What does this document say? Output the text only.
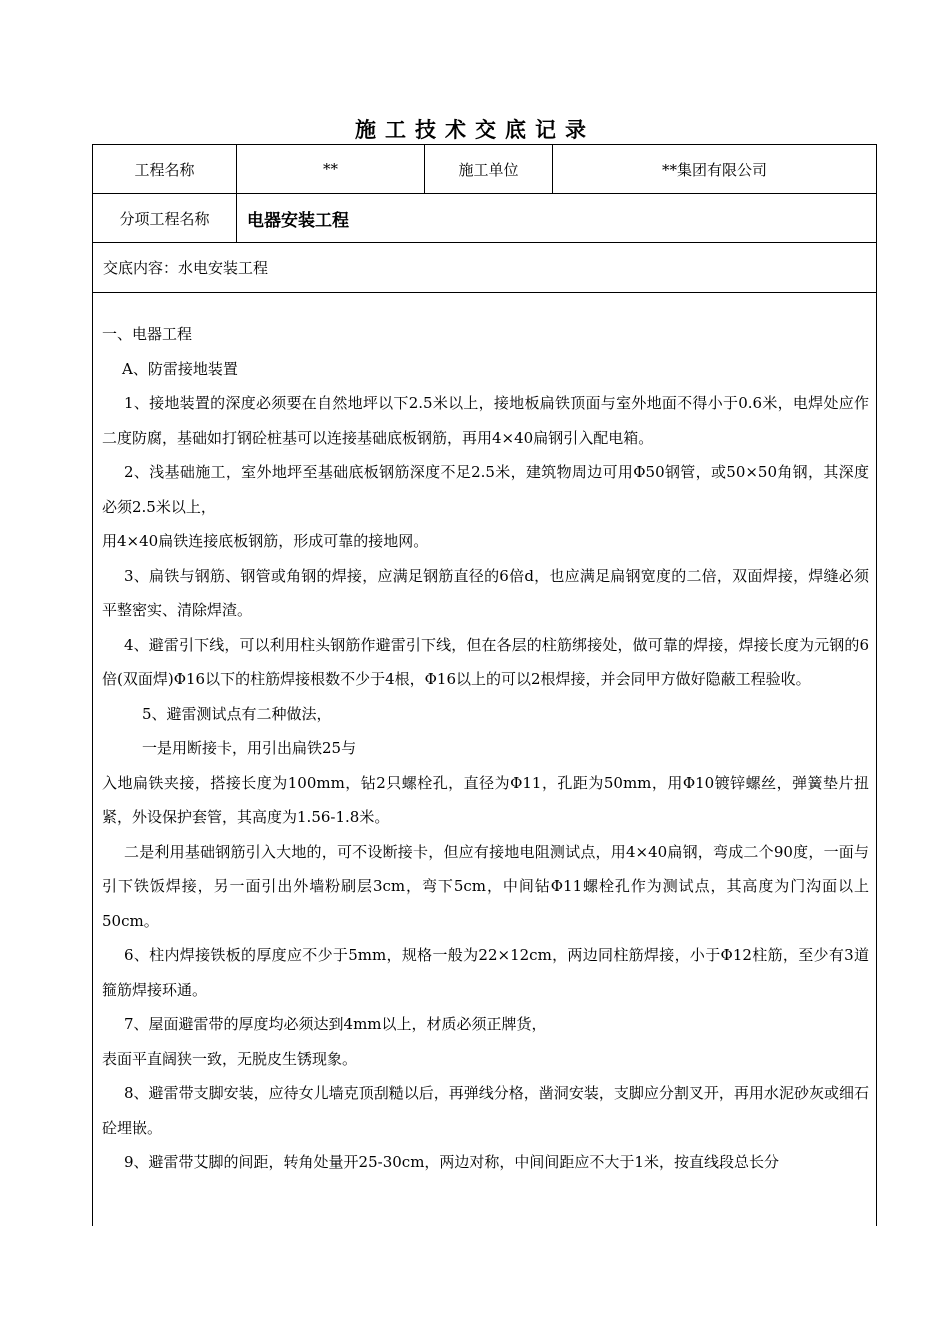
施工技术交底记录
工程名称	**	施工单位	**集团有限公司
分项工程名称	电器安装工程
交底内容：水电安装工程

一、电器工程

A、防雷接地装置

1、接地装置的深度必须要在自然地坪以下2.5米以上，接地板扁铁顶面与室外地面不得小于0.6米，电焊处应作二度防腐，基础如打钢砼桩基可以连接基础底板钢筋，再用4×40扁钢引入配电箱。

2、浅基础施工，室外地坪至基础底板钢筋深度不足2.5米，建筑物周边可用Φ50钢管，或50×50角钢，其深度必须2.5米以上，

用4×40扁铁连接底板钢筋，形成可靠的接地网。

3、扁铁与钢筋、钢管或角钢的焊接，应满足钢筋直径的6倍d，也应满足扁钢宽度的二倍，双面焊接，焊缝必须平整密实、清除焊渣。

4、避雷引下线，可以利用柱头钢筋作避雷引下线，但在各层的柱筋绑接处，做可靠的焊接，焊接长度为元钢的6倍(双面焊)Φ16以下的柱筋焊接根数不少于4根，Φ16以上的可以2根焊接，并会同甲方做好隐蔽工程验收。

5、避雷测试点有二种做法，

一是用断接卡，用引出扁铁25与

入地扁铁夹接，搭接长度为100mm，钻2只螺栓孔，直径为Φ11，孔距为50mm，用Φ10镀锌螺丝，弹簧垫片扭紧，外设保护套管，其高度为1.56-1.8米。

二是利用基础钢筋引入大地的，可不设断接卡，但应有接地电阻测试点，用4×40扁钢，弯成二个90度，一面与引下铁饭焊接，另一面引出外墙粉刷层3cm，弯下5cm，中间钻Φ11螺栓孔作为测试点，其高度为门沟面以上50cm。

6、柱内焊接铁板的厚度应不少于5mm，规格一般为22×12cm，两边同柱筋焊接，小于Φ12柱筋，至少有3道箍筋焊接环通。

7、屋面避雷带的厚度均必须达到4mm以上，材质必须正牌货，

表面平直阔狭一致，无脱皮生锈现象。

8、避雷带支脚安装，应待女儿墙克顶刮糙以后，再弹线分格，凿洞安装，支脚应分割叉开，再用水泥砂灰或细石砼埋嵌。

9、避雷带艾脚的间距，转角处量开25-30cm，两边对称，中间间距应不大于1米，按直线段总长分
